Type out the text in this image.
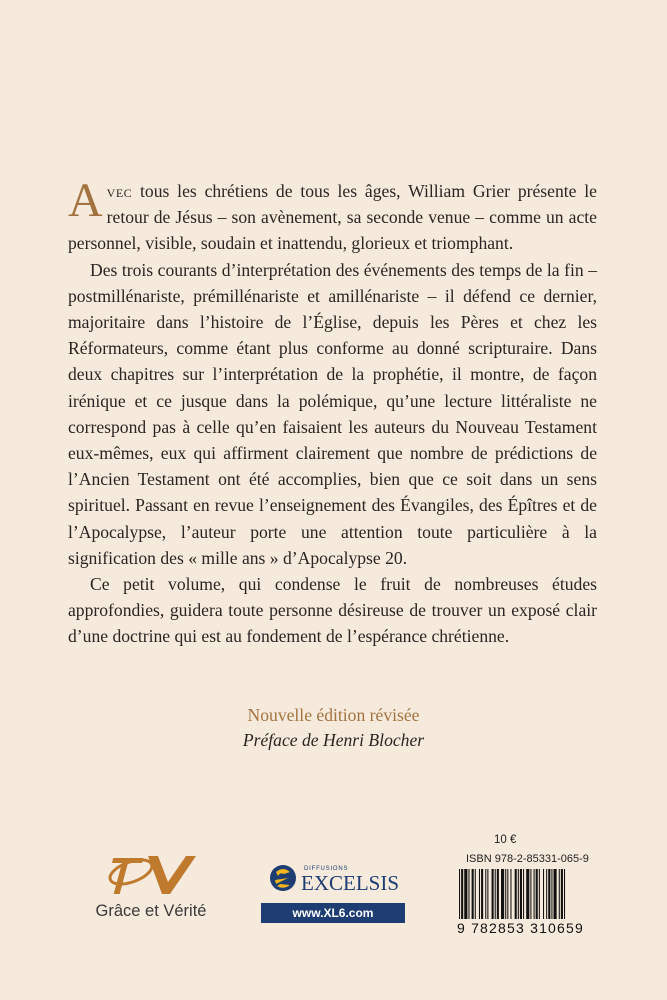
Avec tous les chrétiens de tous les âges, William Grier présente le retour de Jésus – son avènement, sa seconde venue – comme un acte personnel, visible, soudain et inattendu, glorieux et triomphant.

Des trois courants d’interprétation des événements des temps de la fin – postmillénariste, prémillénariste et amillénariste – il défend ce dernier, majoritaire dans l’histoire de l’Église, depuis les Pères et chez les Réformateurs, comme étant plus conforme au donné scripturaire. Dans deux chapitres sur l’interprétation de la prophétie, il montre, de façon irénique et ce jusque dans la polémique, qu’une lecture littéraliste ne correspond pas à celle qu’en faisaient les auteurs du Nouveau Testament eux-mêmes, eux qui affirment clairement que nombre de prédictions de l’Ancien Testament ont été accomplies, bien que ce soit dans un sens spirituel. Passant en revue l’enseignement des Évangiles, des Épîtres et de l’Apocalypse, l’auteur porte une attention toute particulière à la signification des « mille ans » d’Apocalypse 20.

Ce petit volume, qui condense le fruit de nombreuses études approfondies, guidera toute personne désireuse de trouver un exposé clair d’une doctrine qui est au fondement de l’espérance chrétienne.

Nouvelle édition révisée
Préface de Henri Blocher
Grâce et Vérité
DIFFUSIONS
EXCELSIS
www.XL6.com
10 €
ISBN 978-2-85331-065-9
9 782853 310659
